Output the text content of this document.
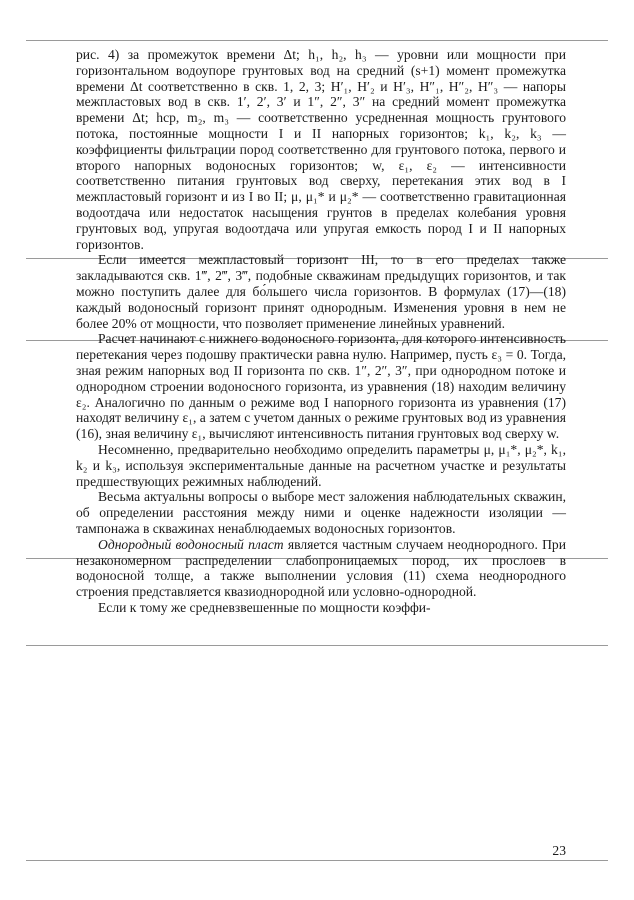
рис. 4) за промежуток времени Δt; h₁, h₂, h₃ — уровни или мощности при горизонтальном водоупоре грунтовых вод на средний (s+1) момент промежутка времени Δt соответственно в скв. 1, 2, 3; H′₁, H′₂ и H′₃, H″₁, H″₂, H″₃ — напоры межпластовых вод в скв. 1′, 2′, 3′ и 1″, 2″, 3″ на средний момент промежутка времени Δt; hср, m₂, m₃ — соответственно усредненная мощность грунтового потока, постоянные мощности I и II напорных горизонтов; k₁, k₂, k₃ — коэффициенты фильтрации пород соответственно для грунтового потока, первого и второго напорных водоносных горизонтов; w, ε₁, ε₂ — интенсивности соответственно питания грунтовых вод сверху, перетекания этих вод в I межпластовый горизонт и из I во II; μ, μ₁* и μ₂* — соответственно гравитационная водоотдача или недостаток насыщения грунтов в пределах колебания уровня грунтовых вод, упругая водоотдача или упругая емкость пород I и II напорных горизонтов.

Если имеется межпластовый горизонт III, то в его пределах также закладываются скв. 1‴, 2‴, 3‴, подобные скважинам предыдущих горизонтов, и так можно поступить далее для бо́льшего числа горизонтов. В формулах (17)—(18) каждый водоносный горизонт принят однородным. Изменения уровня в нем не более 20% от мощности, что позволяет применение линейных уравнений.

Расчет начинают с нижнего водоносного горизонта, для которого интенсивность перетекания через подошву практически равна нулю. Например, пусть ε₃ = 0. Тогда, зная режим напорных вод II горизонта по скв. 1″, 2″, 3″, при однородном потоке и однородном строении водоносного горизонта, из уравнения (18) находим величину ε₂. Аналогично по данным о режиме вод I напорного горизонта из уравнения (17) находят величину ε₁, а затем с учетом данных о режиме грунтовых вод из уравнения (16), зная величину ε₁, вычисляют интенсивность питания грунтовых вод сверху w.

Несомненно, предварительно необходимо определить параметры μ, μ₁*, μ₂*, k₁, k₂ и k₃, используя экспериментальные данные на расчетном участке и результаты предшествующих режимных наблюдений.

Весьма актуальны вопросы о выборе мест заложения наблюдательных скважин, об определении расстояния между ними и оценке надежности изоляции — тампонажа в скважинах ненаблюдаемых водоносных горизонтов.

Однородный водоносный пласт является частным случаем неоднородного. При незакономерном распределении слабопроницаемых пород, их прослоев в водоносной толще, а также выполнении условия (11) схема неоднородного строения представляется квазиоднородной или условно-однородной.

Если к тому же средневзвешенные по мощности коэффи-

23
